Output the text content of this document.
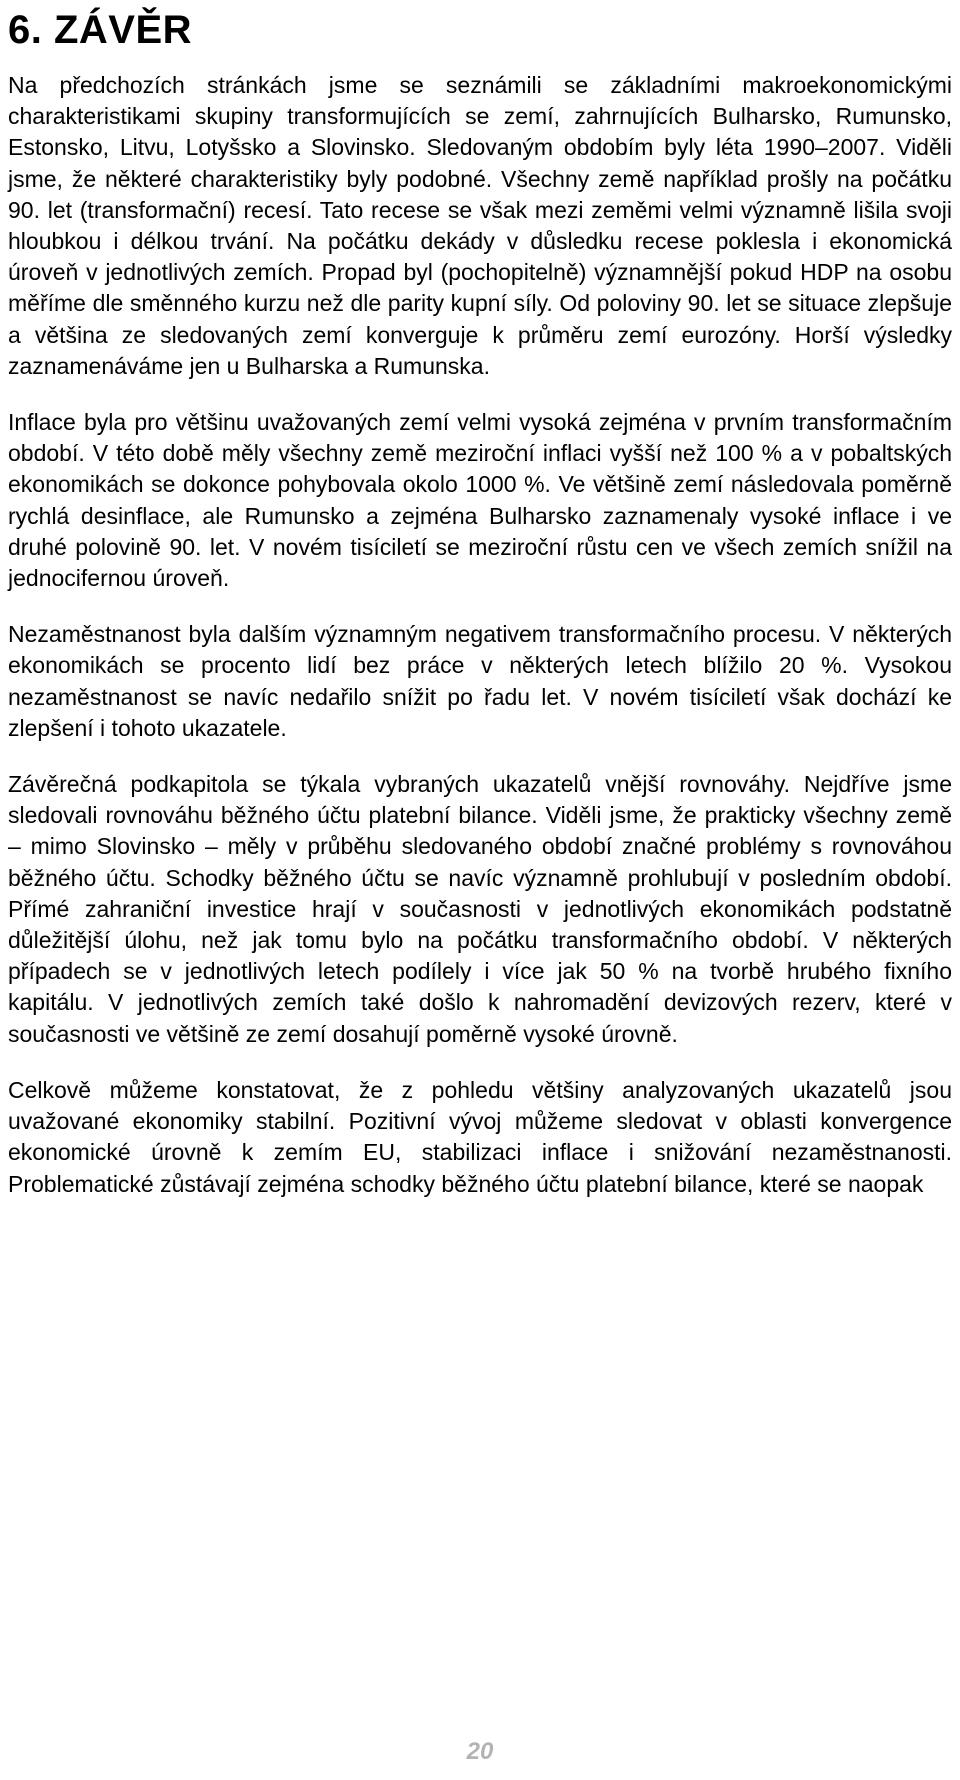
6. ZÁVĚR

Na předchozích stránkách jsme se seznámili se základními makroekonomickými charakteristikami skupiny transformujících se zemí, zahrnujících Bulharsko, Rumunsko, Estonsko, Litvu, Lotyšsko a Slovinsko. Sledovaným obdobím byly léta 1990–2007. Viděli jsme, že některé charakteristiky byly podobné. Všechny země například prošly na počátku 90. let (transformační) recesí. Tato recese se však mezi zeměmi velmi významně lišila svoji hloubkou i délkou trvání. Na počátku dekády v důsledku recese poklesla i ekonomická úroveň v jednotlivých zemích. Propad byl (pochopitelně) významnější pokud HDP na osobu měříme dle směnného kurzu než dle parity kupní síly. Od poloviny 90. let se situace zlepšuje a většina ze sledovaných zemí konverguje k průměru zemí eurozóny. Horší výsledky zaznamenáváme jen u Bulharska a Rumunska.

Inflace byla pro většinu uvažovaných zemí velmi vysoká zejména v prvním transformačním období. V této době měly všechny země meziroční inflaci vyšší než 100 % a v pobaltských ekonomikách se dokonce pohybovala okolo 1000 %. Ve většině zemí následovala poměrně rychlá desinflace, ale Rumunsko a zejména Bulharsko zaznamenaly vysoké inflace i ve druhé polovině 90. let. V novém tisíciletí se meziroční růstu cen ve všech zemích snížil na jednocifernou úroveň.

Nezaměstnanost byla dalším významným negativem transformačního procesu. V některých ekonomikách se procento lidí bez práce v některých letech blížilo 20 %. Vysokou nezaměstnanost se navíc nedařilo snížit po řadu let. V novém tisíciletí však dochází ke zlepšení i tohoto ukazatele.

Závěrečná podkapitola se týkala vybraných ukazatelů vnější rovnováhy. Nejdříve jsme sledovali rovnováhu běžného účtu platební bilance. Viděli jsme, že prakticky všechny země – mimo Slovinsko – měly v průběhu sledovaného období značné problémy s rovnováhou běžného účtu. Schodky běžného účtu se navíc významně prohlubují v posledním období. Přímé zahraniční investice hrají v současnosti v jednotlivých ekonomikách podstatně důležitější úlohu, než jak tomu bylo na počátku transformačního období. V některých případech se v jednotlivých letech podílely i více jak 50 % na tvorbě hrubého fixního kapitálu. V jednotlivých zemích také došlo k nahromadění devizových rezerv, které v současnosti ve většině ze zemí dosahují poměrně vysoké úrovně.

Celkově můžeme konstatovat, že z pohledu většiny analyzovaných ukazatelů jsou uvažované ekonomiky stabilní. Pozitivní vývoj můžeme sledovat v oblasti konvergence ekonomické úrovně k zemím EU, stabilizaci inflace i snižování nezaměstnanosti. Problematické zůstávají zejména schodky běžného účtu platební bilance, které se naopak

20
